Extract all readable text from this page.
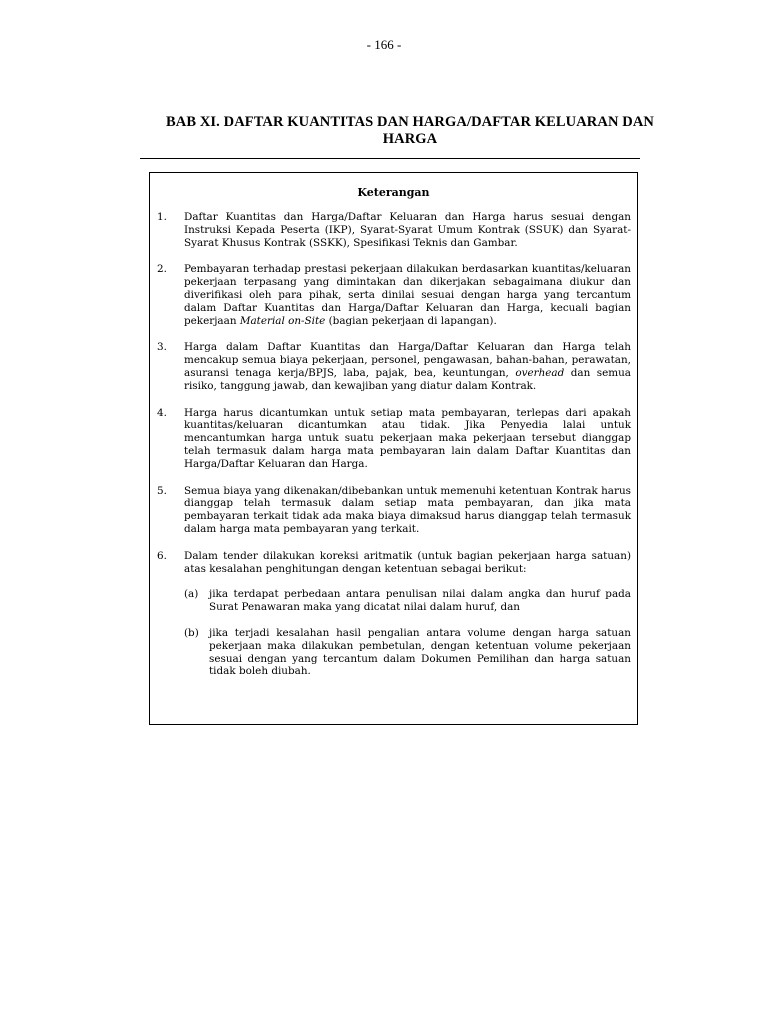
- 166 -
BAB XI. DAFTAR KUANTITAS DAN HARGA/DAFTAR KELUARAN DAN HARGA
Keterangan
1.	Daftar Kuantitas dan Harga/Daftar Keluaran dan Harga harus sesuai dengan Instruksi Kepada Peserta (IKP), Syarat-Syarat Umum Kontrak (SSUK) dan Syarat-Syarat Khusus Kontrak (SSKK), Spesifikasi Teknis dan Gambar.
2.	Pembayaran terhadap prestasi pekerjaan dilakukan berdasarkan kuantitas/keluaran pekerjaan terpasang yang dimintakan dan dikerjakan sebagaimana diukur dan diverifikasi oleh para pihak, serta dinilai sesuai dengan harga yang tercantum dalam Daftar Kuantitas dan Harga/Daftar Keluaran dan Harga, kecuali bagian pekerjaan Material on-Site (bagian pekerjaan di lapangan).
3.	Harga dalam Daftar Kuantitas dan Harga/Daftar Keluaran dan Harga telah mencakup semua biaya pekerjaan, personel, pengawasan, bahan-bahan, perawatan, asuransi tenaga kerja/BPJS, laba, pajak, bea, keuntungan, overhead dan semua risiko, tanggung jawab, dan kewajiban yang diatur dalam Kontrak.
4.	Harga harus dicantumkan untuk setiap mata pembayaran, terlepas dari apakah kuantitas/keluaran dicantumkan atau tidak. Jika Penyedia lalai untuk mencantumkan harga untuk suatu pekerjaan maka pekerjaan tersebut dianggap telah termasuk dalam harga mata pembayaran lain dalam Daftar Kuantitas dan Harga/Daftar Keluaran dan Harga.
5.	Semua biaya yang dikenakan/dibebankan untuk memenuhi ketentuan Kontrak harus dianggap telah termasuk dalam setiap mata pembayaran, dan jika mata pembayaran terkait tidak ada maka biaya dimaksud harus dianggap telah termasuk dalam harga mata pembayaran yang terkait.
6.	Dalam tender dilakukan koreksi aritmatik (untuk bagian pekerjaan harga satuan) atas kesalahan penghitungan dengan ketentuan sebagai berikut:
(a)	jika terdapat perbedaan antara penulisan nilai dalam angka dan huruf pada Surat Penawaran maka yang dicatat nilai dalam huruf, dan
(b) jika terjadi kesalahan hasil pengalian antara volume dengan harga satuan pekerjaan maka dilakukan pembetulan, dengan ketentuan volume pekerjaan sesuai dengan yang tercantum dalam Dokumen Pemilihan dan harga satuan tidak boleh diubah.
